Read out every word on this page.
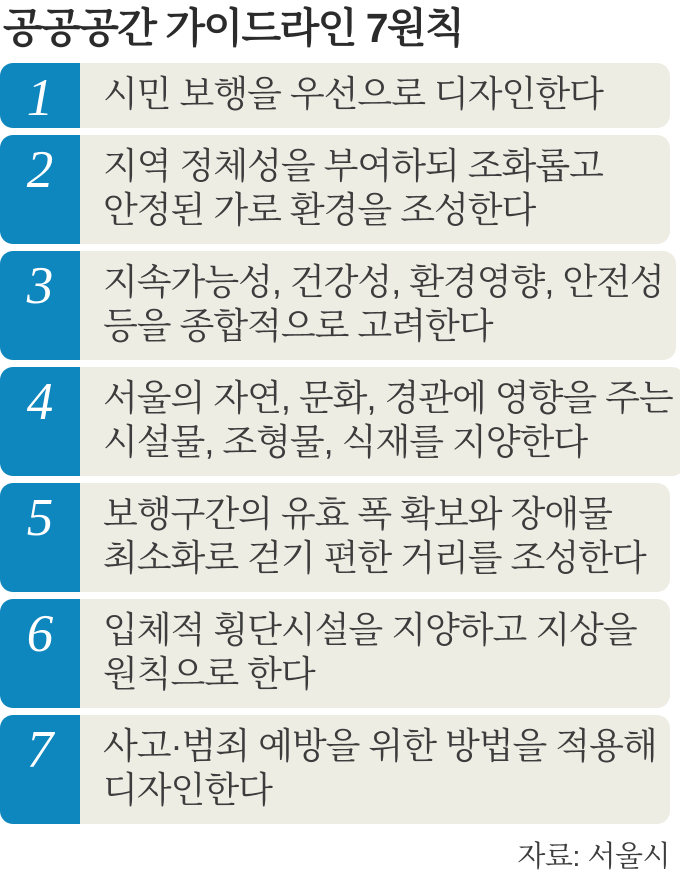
공공공간 가이드라인 7원칙
1 시민 보행을 우선으로 디자인한다
2 지역 정체성을 부여하되 조화롭고
안정된 가로 환경을 조성한다
3 지속가능성, 건강성, 환경영향, 안전성
등을 종합적으로 고려한다
4 서울의 자연, 문화, 경관에 영향을 주는
시설물, 조형물, 식재를 지양한다
5 보행구간의 유효 폭 확보와 장애물
최소화로 걷기 편한 거리를 조성한다
6 입체적 횡단시설을 지양하고 지상을
원칙으로 한다
7 사고·범죄 예방을 위한 방법을 적용해
디자인한다
자료: 서울시
